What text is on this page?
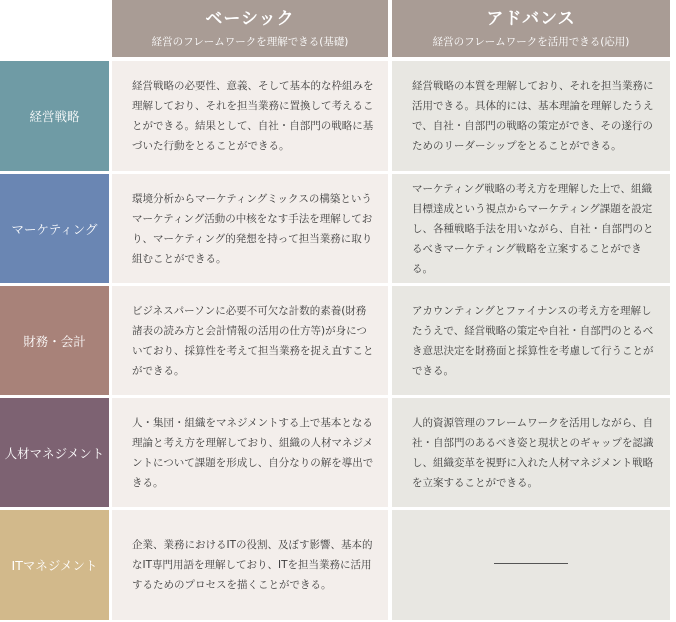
ベーシック
経営のフレームワークを理解できる(基礎)
アドバンス
経営のフレームワークを活用できる(応用)
経営戦略
経営戦略の必要性、意義、そして基本的な枠組みを理解しており、それを担当業務に置換して考えることができる。結果として、自社・自部門の戦略に基づいた行動をとることができる。
経営戦略の本質を理解しており、それを担当業務に活用できる。具体的には、基本理論を理解したうえで、自社・自部門の戦略の策定ができ、その遂行のためのリーダーシップをとることができる。
マーケティング
環境分析からマーケティングミックスの構築というマーケティング活動の中核をなす手法を理解しており、マーケティング的発想を持って担当業務に取り組むことができる。
マーケティング戦略の考え方を理解した上で、組織目標達成という視点からマーケティング課題を設定し、各種戦略手法を用いながら、自社・自部門のとるべきマーケティング戦略を立案することができる。
財務・会計
ビジネスパーソンに必要不可欠な計数的素養(財務諸表の読み方と会計情報の活用の仕方等)が身についており、採算性を考えて担当業務を捉え直すことができる。
アカウンティングとファイナンスの考え方を理解したうえで、経営戦略の策定や自社・自部門のとるべき意思決定を財務面と採算性を考慮して行うことができる。
人材マネジメント
人・集団・組織をマネジメントする上で基本となる理論と考え方を理解しており、組織の人材マネジメントについて課題を形成し、自分なりの解を導出できる。
人的資源管理のフレームワークを活用しながら、自社・自部門のあるべき姿と現状とのギャップを認識し、組織変革を視野に入れた人材マネジメント戦略を立案することができる。
ITマネジメント
企業、業務におけるITの役割、及ぼす影響、基本的なIT専門用語を理解しており、ITを担当業務に活用するためのプロセスを描くことができる。
